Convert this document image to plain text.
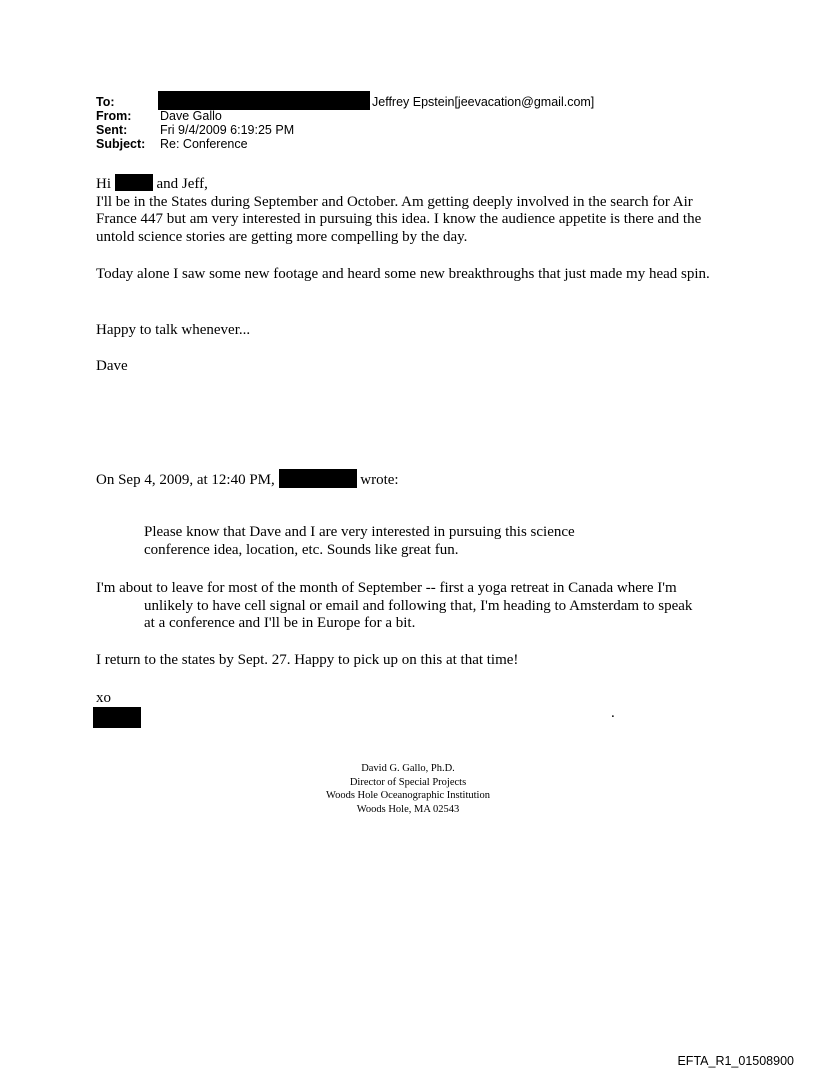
To:	Jeffrey Epstein[jeevacation@gmail.com]
From: Dave Gallo
Sent:	Fri 9/4/2009 6:19:25 PM
Subject: Re: Conference

Hi	and Jeff,

I'll be in the States during September and October. Am getting deeply involved in the search for Air France 447 but am very interested in pursuing this idea. I know the audience appetite is there and the untold science stories are getting more compelling by the day.

Today alone I saw some new footage and heard some new breakthroughs that just made my head spin.

Happy to talk whenever...

Dave

On Sep 4, 2009, at 12:40 PM,	wrote:

Please know that Dave and I are very interested in pursuing this science conference idea, location, etc. Sounds like great fun.

I'm about to leave for most of the month of September -- first a yoga retreat in Canada where I'm unlikely to have cell signal or email and following that, I'm heading to Amsterdam to speak at a conference and I'll be in Europe for a bit.

I return to the states by Sept. 27. Happy to pick up on this at that time!

xo

.
David G. Gallo, Ph.D.
Director of Special Projects
Woods Hole Oceanographic Institution
Woods Hole, MA 02543
EFTA_R1_01508900
